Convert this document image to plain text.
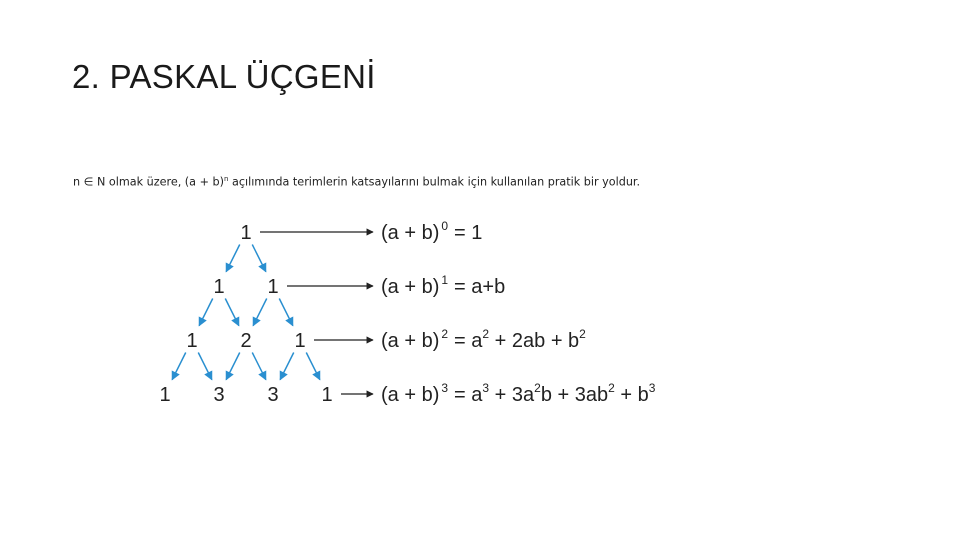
2. PASKAL ÜÇGENİ
n ∈ N olmak üzere, $(a + b)^n$ açılımında terimlerin katsayılarını bulmak için kullanılan pratik bir yoldur.
1
1 1
1 2 1
1 3 3 1
(a + b) 0 = 1
(a + b) 1 = a+b
(a + b) 2 = a2 + 2ab + b2
(a + b) 3 = a3 + 3a2b + 3ab2 + b3
